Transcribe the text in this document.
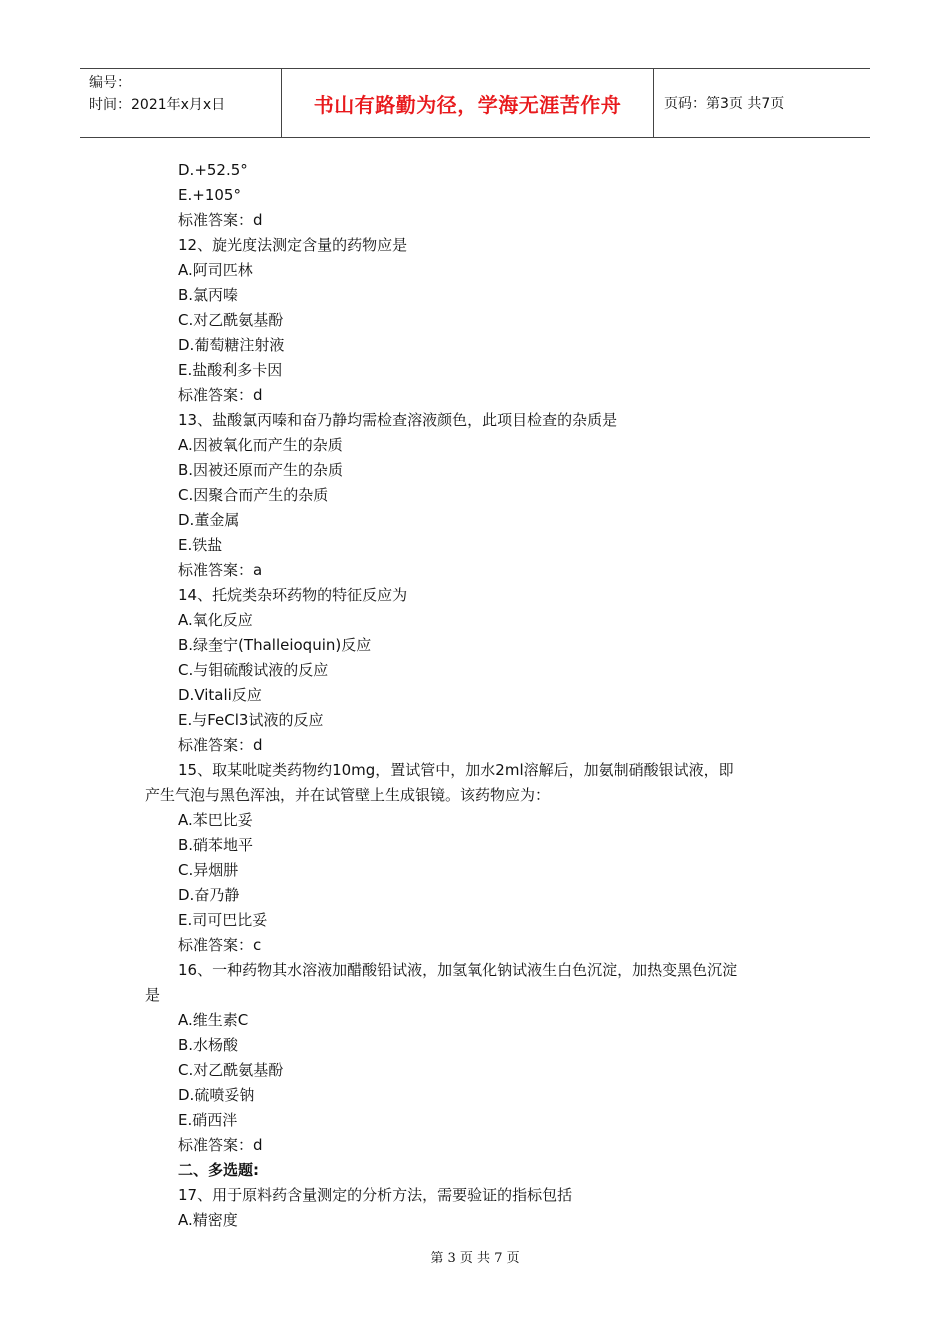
编号：
时间：2021年x月x日	书山有路勤为径，学海无涯苦作舟	页码：第3页 共7页
D.+52.5°
E.+105°
标准答案：d
12、旋光度法测定含量的药物应是
A.阿司匹林
B.氯丙嗪
C.对乙酰氨基酚
D.葡萄糖注射液
E.盐酸利多卡因
标准答案：d
13、盐酸氯丙嗪和奋乃静均需检查溶液颜色，此项目检查的杂质是
A.因被氧化而产生的杂质
B.因被还原而产生的杂质
C.因聚合而产生的杂质
D.董金属
E.铁盐
标准答案：a
14、托烷类杂环药物的特征反应为
A.氧化反应
B.绿奎宁(Thalleioquin)反应
C.与钼硫酸试液的反应
D.Vitali反应
E.与FeCl3试液的反应
标准答案：d
15、取某吡啶类药物约10mg，置试管中，加水2ml溶解后，加氨制硝酸银试液，即
产生气泡与黑色浑浊，并在试管壁上生成银镜。该药物应为：
A.苯巴比妥
B.硝苯地平
C.异烟肼
D.奋乃静
E.司可巴比妥
标准答案：c
16、一种药物其水溶液加醋酸铅试液，加氢氧化钠试液生白色沉淀，加热变黑色沉淀
是
A.维生素C
B.水杨酸
C.对乙酰氨基酚
D.硫喷妥钠
E.硝西泮
标准答案：d
二、多选题:
17、用于原料药含量测定的分析方法，需要验证的指标包括
A.精密度
第 3 页 共 7 页
